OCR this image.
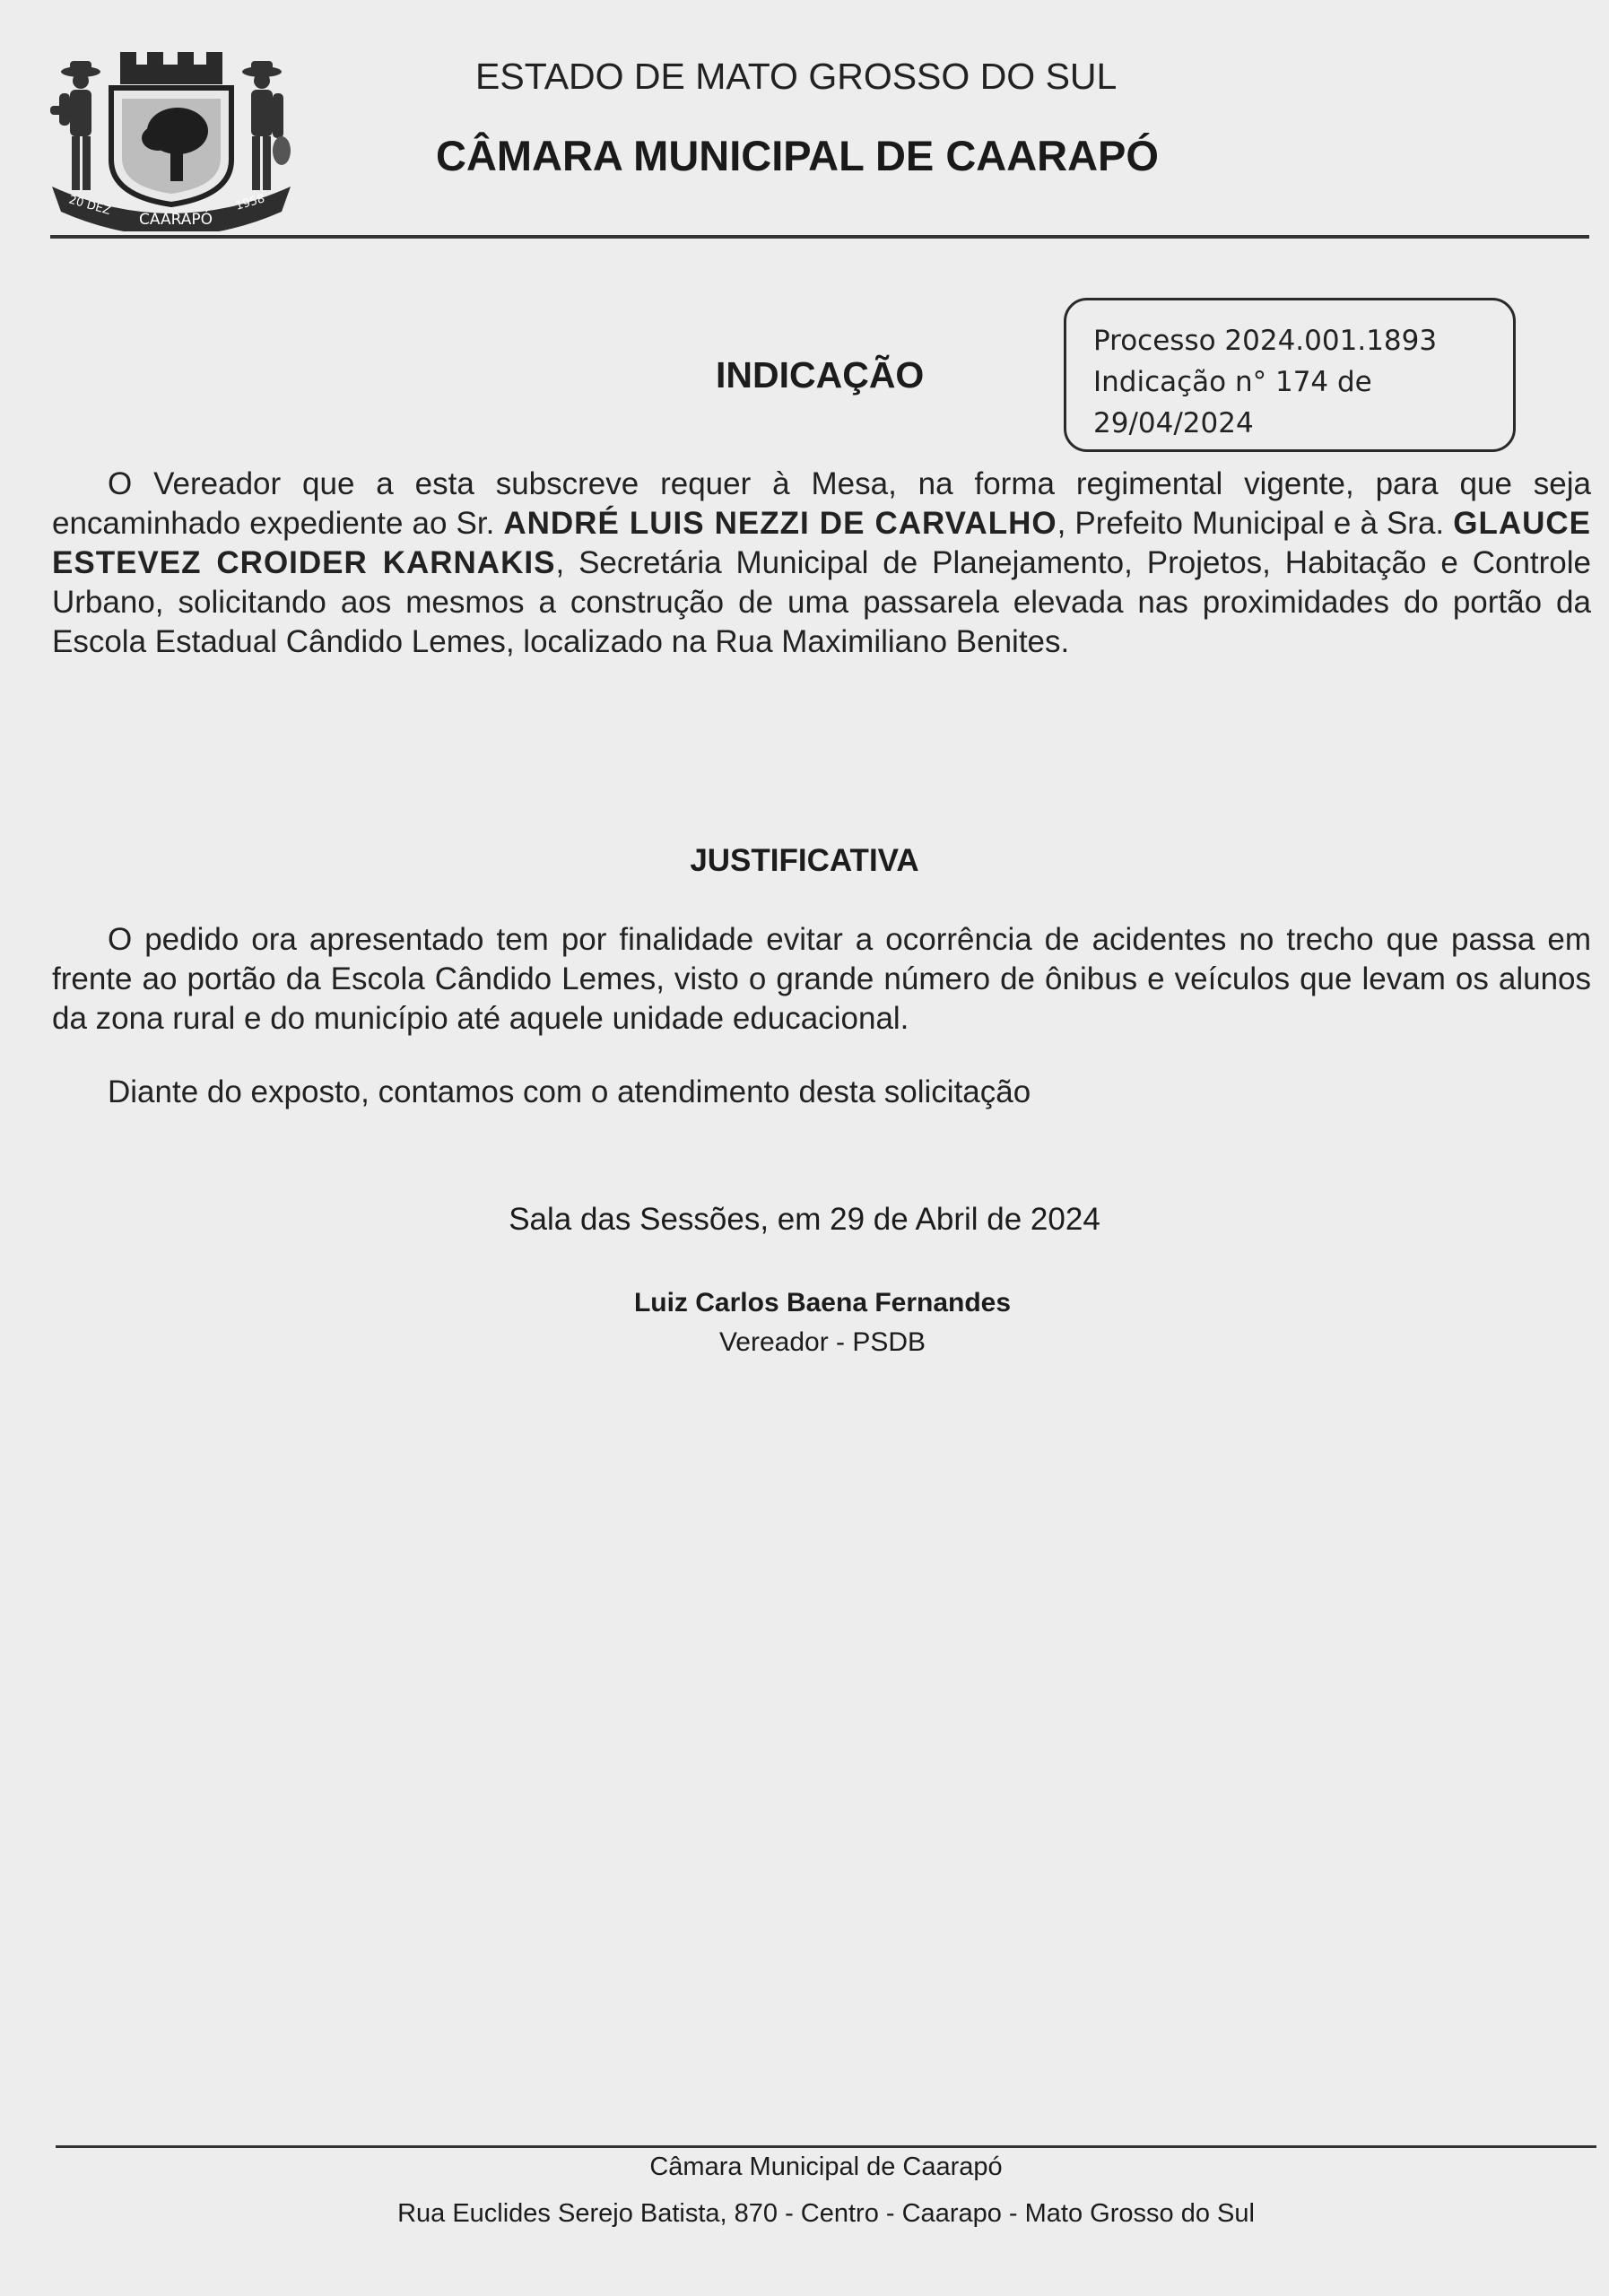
20 DEZ
CAARAPÓ
1958
ESTADO DE MATO GROSSO DO SUL
CÂMARA MUNICIPAL DE CAARAPÓ
INDICAÇÃO
Processo 2024.001.1893
Indicação n° 174 de
29/04/2024
O Vereador que a esta subscreve requer à Mesa, na forma regimental vigente, para que seja encaminhado expediente ao Sr. ANDRÉ LUIS NEZZI DE CARVALHO, Prefeito Municipal e à Sra. GLAUCE ESTEVEZ CROIDER KARNAKIS, Secretária Municipal de Planejamento, Projetos, Habitação e Controle Urbano, solicitando aos mesmos a construção de uma passarela elevada nas proximidades do portão da Escola Estadual Cândido Lemes, localizado na Rua Maximiliano Benites.
JUSTIFICATIVA
O pedido ora apresentado tem por finalidade evitar a ocorrência de acidentes no trecho que passa em frente ao portão da Escola Cândido Lemes, visto o grande número de ônibus e veículos que levam os alunos da zona rural e do município até aquele unidade educacional.
Diante do exposto, contamos com o atendimento desta solicitação
Sala das Sessões, em 29 de Abril de 2024
Luiz Carlos Baena Fernandes
Vereador - PSDB
Câmara Municipal de Caarapó
Rua Euclides Serejo Batista, 870 - Centro - Caarapo - Mato Grosso do Sul
